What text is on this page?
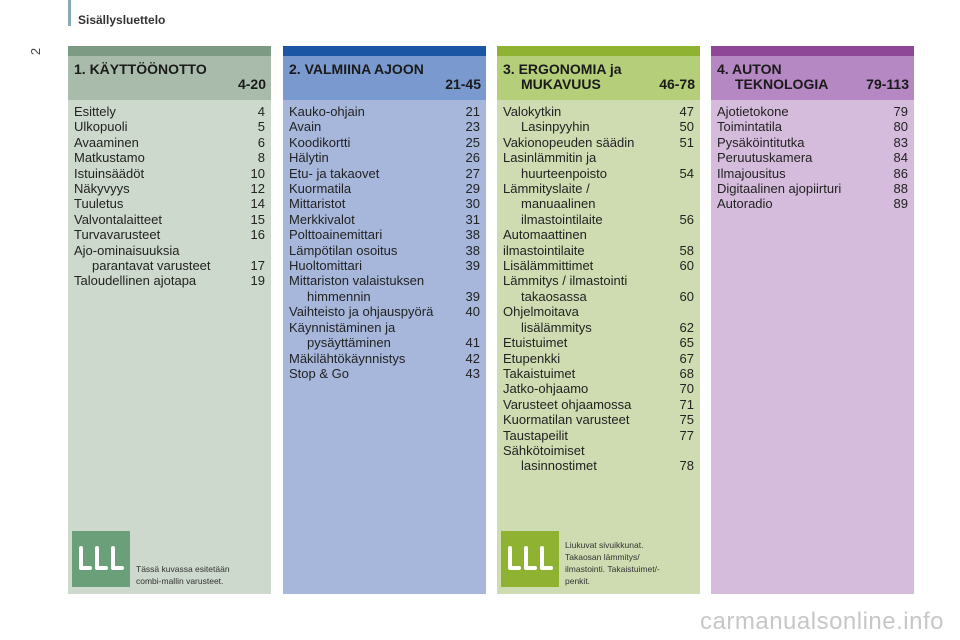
Sisällysluettelo
2
1. KÄYTTÖÖNOTTO
4-20
Esittely	4
Ulkopuoli	5
Avaaminen	6
Matkustamo	8
Istuinsäädöt	10
Näkyvyys	12
Tuuletus	14
Valvontalaitteet	15
Turvavarusteet	16
Ajo-ominaisuuksia
parantavat varusteet	17
Taloudellinen ajotapa	19
Tässä kuvassa esitetään
combi-mallin varusteet.
2. VALMIINA AJOON
21-45
Kauko-ohjain	21
Avain	23
Koodikortti	25
Hälytin	26
Etu- ja takaovet	27
Kuormatila	29
Mittaristot	30
Merkkivalot	31
Polttoainemittari	38
Lämpötilan osoitus	38
Huoltomittari	39
Mittariston valaistuksen
himmennin	39
Vaihteisto ja ohjauspyörä	40
Käynnistäminen ja
pysäyttäminen	41
Mäkilähtökäynnistys	42
Stop & Go	43
3. ERGONOMIA ja
MUKAVUUS	46-78
Valokytkin	47
Lasinpyyhin	50
Vakionopeuden säädin	51
Lasinlämmitin ja
huurteenpoisto	54
Lämmityslaite /
manuaalinen
ilmastointilaite	56
Automaattinen
ilmastointilaite	58
Lisälämmittimet	60
Lämmitys / ilmastointi
takaosassa	60
Ohjelmoitava
lisälämmitys	62
Etuistuimet	65
Etupenkki	67
Takaistuimet	68
Jatko-ohjaamo	70
Varusteet ohjaamossa	71
Kuormatilan varusteet	75
Taustapeilit	77
Sähkötoimiset
lasinnostimet	78
Liukuvat sivuikkunat.
Takaosan lämmitys/
ilmastointi. Takaistuimet/-
penkit.
4. AUTON
TEKNOLOGIA	79-113
Ajotietokone	79
Toimintatila	80
Pysäköintitutka	83
Peruutuskamera	84
Ilmajousitus	86
Digitaalinen ajopiirturi	88
Autoradio	89
carmanualsonline.info
